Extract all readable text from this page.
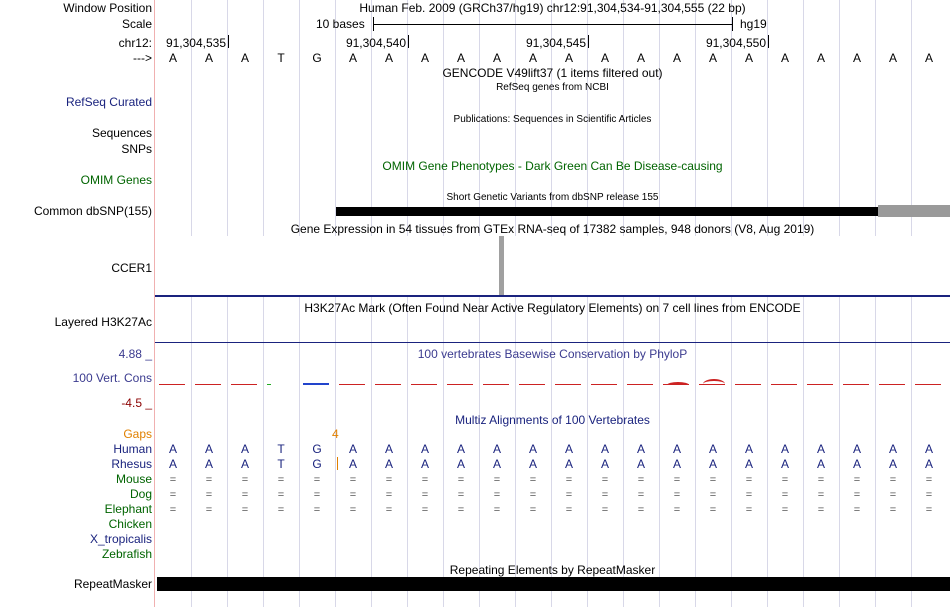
Window Position	Human Feb. 2009 (GRCh37/hg19) chr12:91,304,534-91,304,555 (22 bp)
Scale	10 bases	hg19
chr12:	91,304,535	91,304,540	91,304,545	91,304,550
--->	A	A	A	T	G	A	A	A	A	A	A	A	A	A	A	A	A	A	A	A	A	A
GENCODE V49lift37 (1 items filtered out)
RefSeq genes from NCBI
RefSeq Curated
Publications: Sequences in Scientific Articles
Sequences
SNPs
OMIM Gene Phenotypes - Dark Green Can Be Disease-causing
OMIM Genes
Short Genetic Variants from dbSNP release 155
Common dbSNP(155)
Gene Expression in 54 tissues from GTEx RNA-seq of 17382 samples, 948 donors (V8, Aug 2019)
CCER1
H3K27Ac Mark (Often Found Near Active Regulatory Elements) on 7 cell lines from ENCODE
Layered H3K27Ac
100 vertebrates Basewise Conservation by PhyloP
4.88 _
100 Vert. Cons
-4.5 _
Multiz Alignments of 100 Vertebrates
Gaps	4
Human	A	A	A	T	G	A	A	A	A	A	A	A	A	A	A	A	A	A	A	A	A	A
Rhesus	A	A	A	T	G	A	A	A	A	A	A	A	A	A	A	A	A	A	A	A	A	A
Mouse	=	=	=	=	=	=	=	=	=	=	=	=	=	=	=	=	=	=	=	=	=	=
Dog	=	=	=	=	=	=	=	=	=	=	=	=	=	=	=	=	=	=	=	=	=	=
Elephant	=	=	=	=	=	=	=	=	=	=	=	=	=	=	=	=	=	=	=	=	=	=
Chicken
X_tropicalis
Zebrafish
Repeating Elements by RepeatMasker
RepeatMasker
